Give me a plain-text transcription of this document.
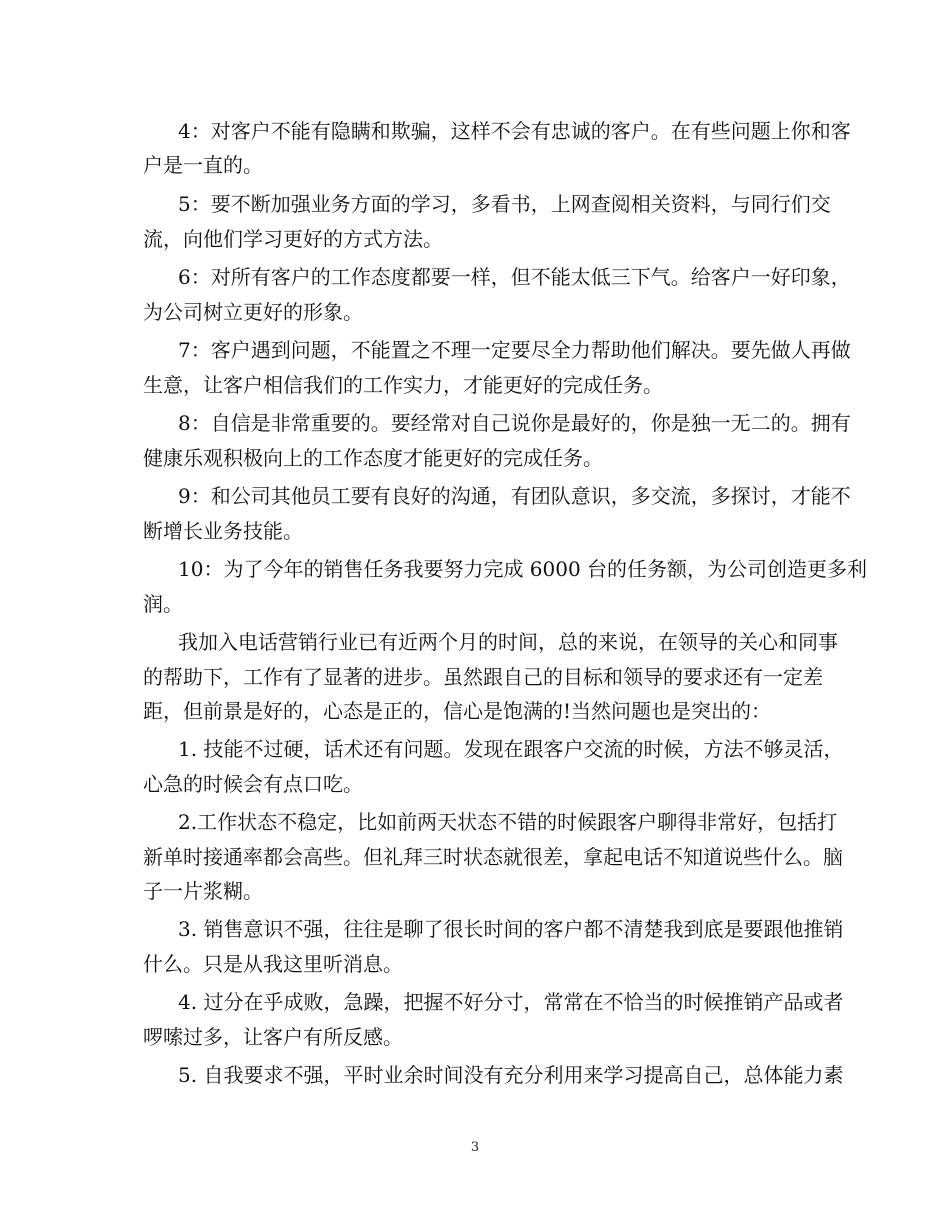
4：对客户不能有隐瞒和欺骗，这样不会有忠诚的客户。在有些问题上你和客
户是一直的。
5：要不断加强业务方面的学习，多看书，上网查阅相关资料，与同行们交
流，向他们学习更好的方式方法。
6：对所有客户的工作态度都要一样，但不能太低三下气。给客户一好印象，
为公司树立更好的形象。
7：客户遇到问题，不能置之不理一定要尽全力帮助他们解决。要先做人再做
生意，让客户相信我们的工作实力，才能更好的完成任务。
8：自信是非常重要的。要经常对自己说你是最好的，你是独一无二的。拥有
健康乐观积极向上的工作态度才能更好的完成任务。
9：和公司其他员工要有良好的沟通，有团队意识，多交流，多探讨，才能不
断增长业务技能。
10：为了今年的销售任务我要努力完成 6000 台的任务额，为公司创造更多利
润。
我加入电话营销行业已有近两个月的时间，总的来说，在领导的关心和同事
的帮助下，工作有了显著的进步。虽然跟自己的目标和领导的要求还有一定差
距，但前景是好的，心态是正的，信心是饱满的!当然问题也是突出的：
1. 技能不过硬，话术还有问题。发现在跟客户交流的时候，方法不够灵活，
心急的时候会有点口吃。
2.工作状态不稳定，比如前两天状态不错的时候跟客户聊得非常好，包括打
新单时接通率都会高些。但礼拜三时状态就很差，拿起电话不知道说些什么。脑
子一片浆糊。
3. 销售意识不强，往往是聊了很长时间的客户都不清楚我到底是要跟他推销
什么。只是从我这里听消息。
4. 过分在乎成败，急躁，把握不好分寸，常常在不恰当的时候推销产品或者
啰嗦过多，让客户有所反感。
5. 自我要求不强，平时业余时间没有充分利用来学习提高自己，总体能力素
3
